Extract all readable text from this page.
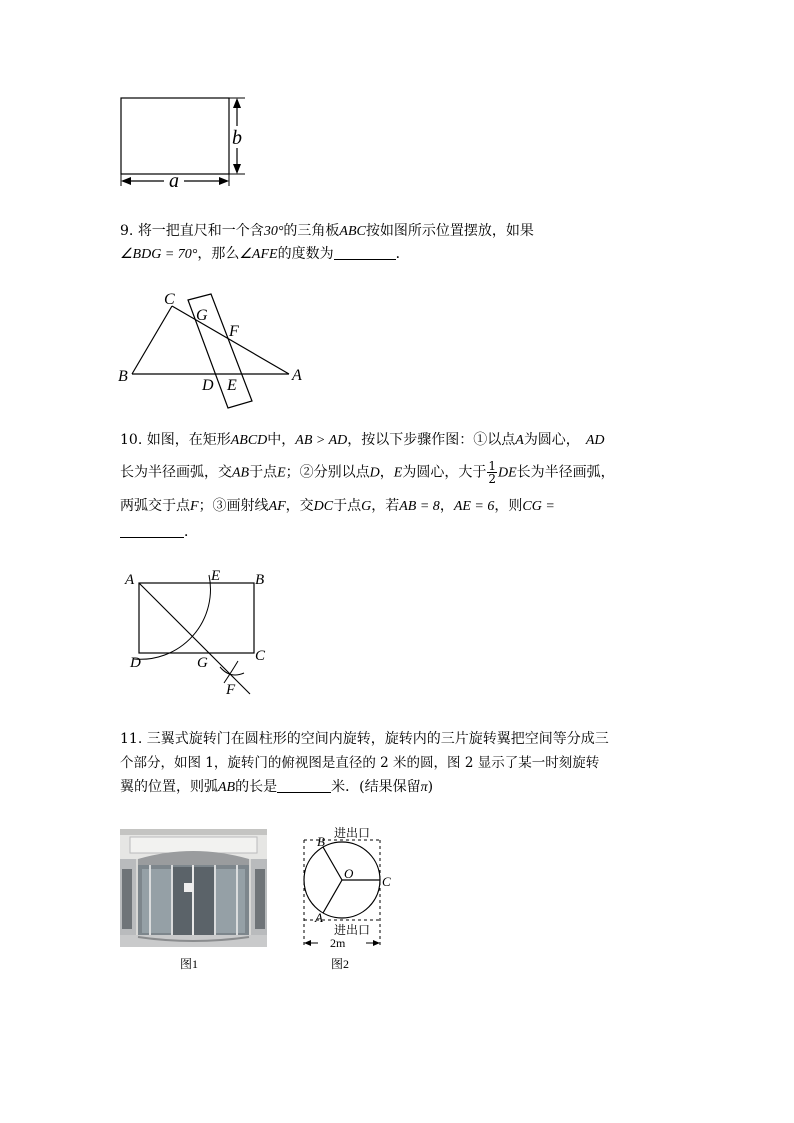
b
a
9. 将一把直尺和一个含30°的三角板ABC按如图所示位置摆放，如果
∠BDG = 70°，那么∠AFE的度数为	．
C
G
F
B
D E
A
10. 如图，在矩形ABCD中，AB > AD，按以下步骤作图：①以点A为圆心， AD
长为半径画弧，交AB于点E；②分别以点D，E为圆心，大于 $\frac{1}{2}$ DE长为半径画弧，
两弧交于点F；③画射线AF，交DC于点G，若AB = 8，AE = 6，则CG =
．
A	E B
D	G	C
F
11. 三翼式旋转门在圆柱形的空间内旋转，旋转内的三片旋转翼把空间等分成三
个部分，如图 1，旋转门的俯视图是直径的 2 米的圆，图 2 显示了某一时刻旋转
翼的位置，则弧AB的长是	米．(结果保留π)
图1
B
进出口
O
C
A
进出口
2m
图2
